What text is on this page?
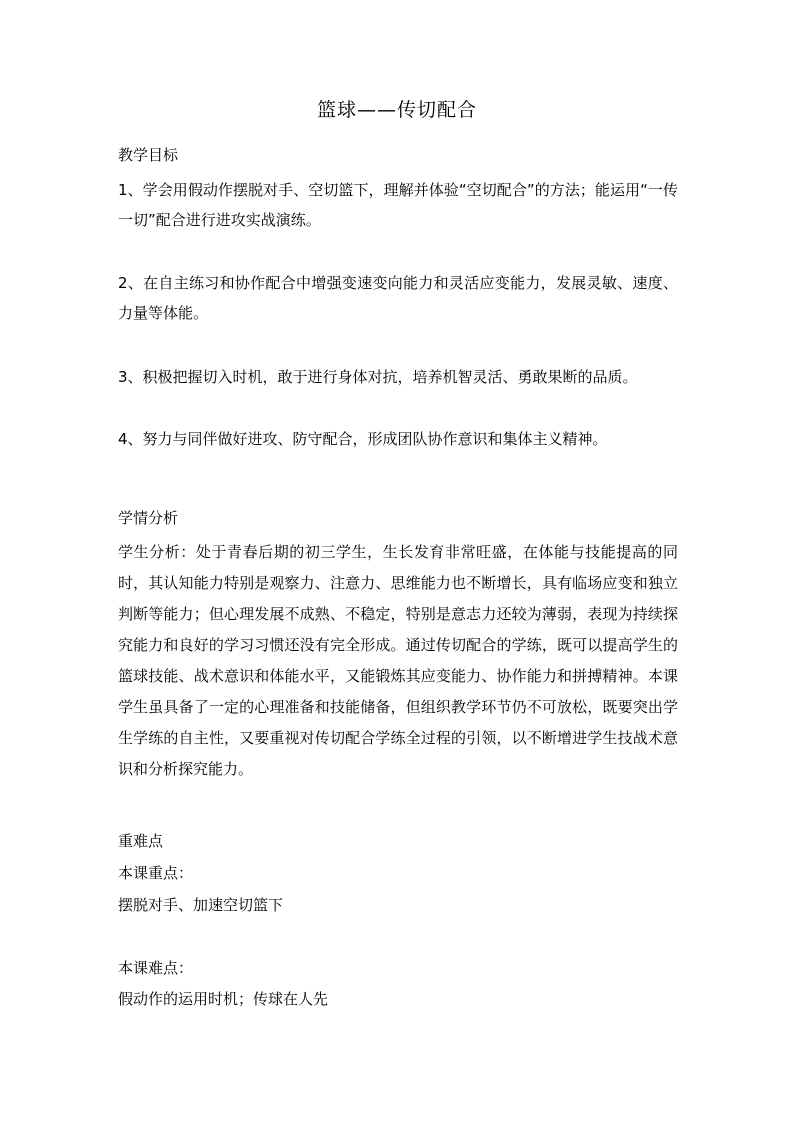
篮球——传切配合
教学目标
1、学会用假动作摆脱对手、空切篮下，理解并体验“空切配合”的方法；能运用“一传一切”配合进行进攻实战演练。
2、在自主练习和协作配合中增强变速变向能力和灵活应变能力，发展灵敏、速度、力量等体能。
3、积极把握切入时机，敢于进行身体对抗，培养机智灵活、勇敢果断的品质。
4、努力与同伴做好进攻、防守配合，形成团队协作意识和集体主义精神。
学情分析
学生分析：处于青春后期的初三学生，生长发育非常旺盛，在体能与技能提高的同时，其认知能力特别是观察力、注意力、思维能力也不断增长，具有临场应变和独立判断等能力；但心理发展不成熟、不稳定，特别是意志力还较为薄弱，表现为持续探究能力和良好的学习习惯还没有完全形成。通过传切配合的学练，既可以提高学生的篮球技能、战术意识和体能水平，又能锻炼其应变能力、协作能力和拼搏精神。本课学生虽具备了一定的心理准备和技能储备，但组织教学环节仍不可放松，既要突出学生学练的自主性，又要重视对传切配合学练全过程的引领，以不断增进学生技战术意识和分析探究能力。
重难点
本课重点：
摆脱对手、加速空切篮下
本课难点：
假动作的运用时机；传球在人先
